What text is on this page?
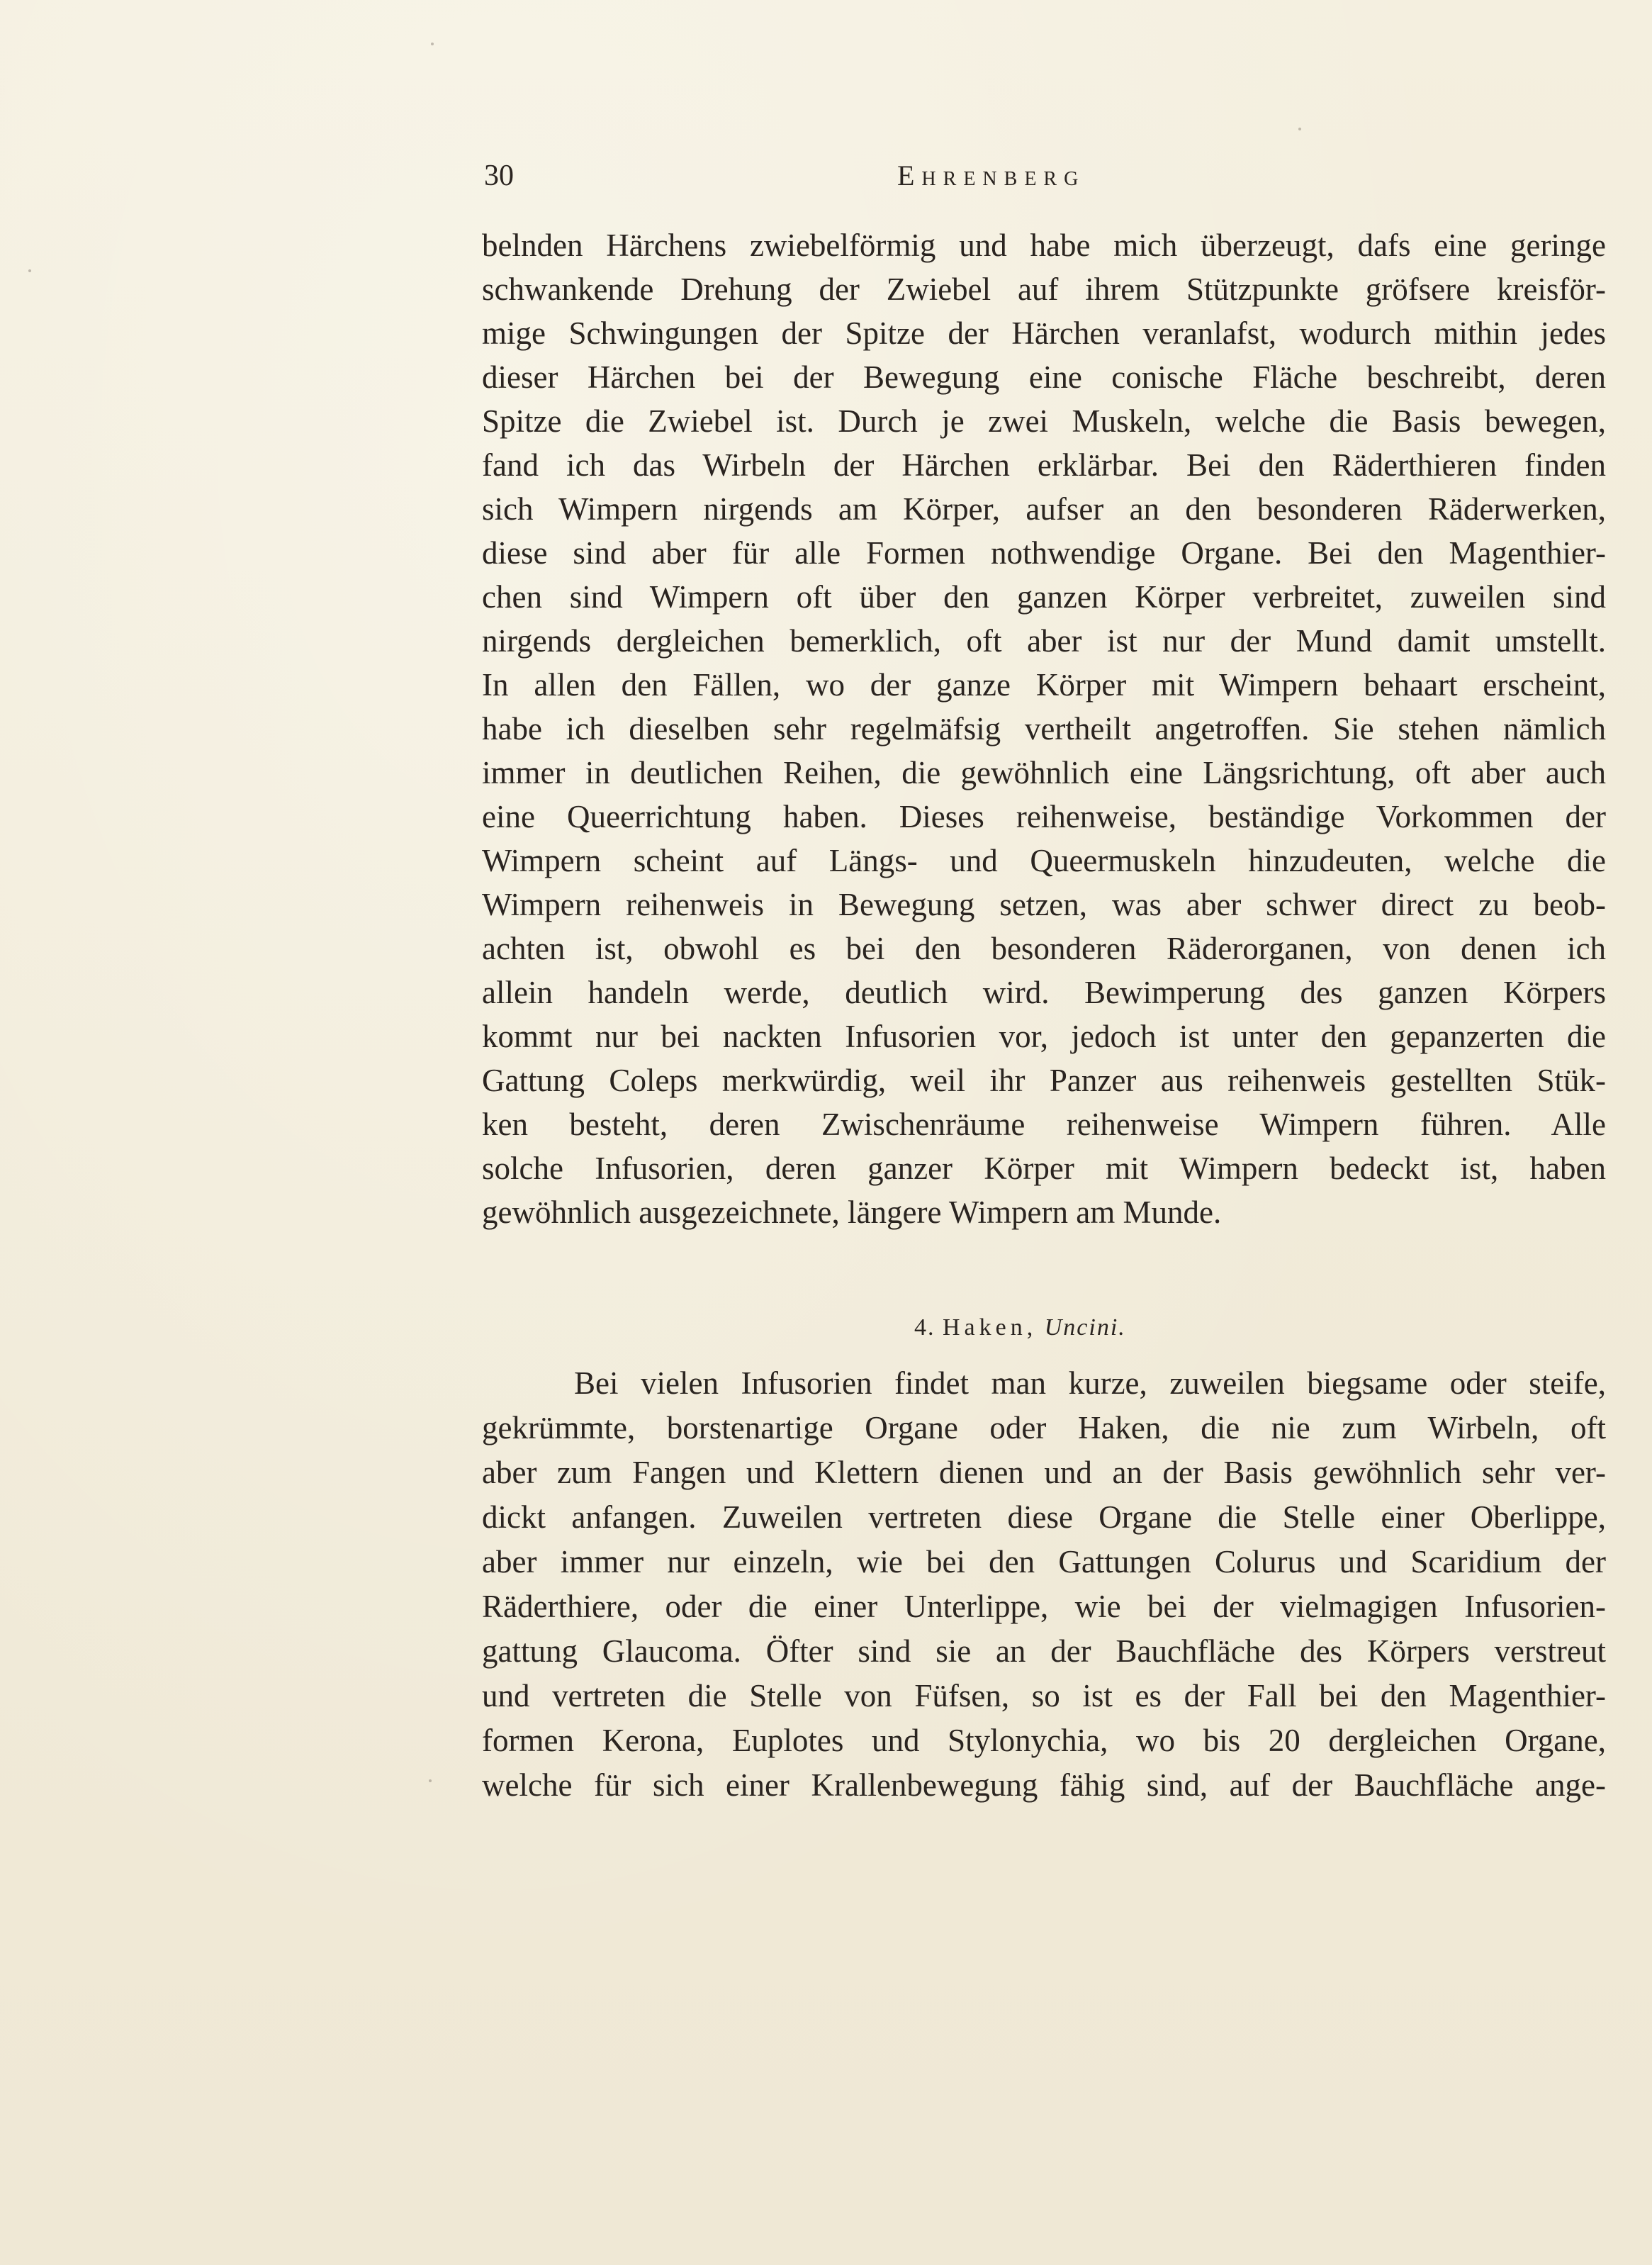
30	Ehrenberg
belnden Härchens zwiebelförmig und habe mich überzeugt, dafs eine geringe
schwankende Drehung der Zwiebel auf ihrem Stützpunkte gröfsere kreisför-
mige Schwingungen der Spitze der Härchen veranlafst, wodurch mithin jedes
dieser Härchen bei der Bewegung eine conische Fläche beschreibt, deren
Spitze die Zwiebel ist. Durch je zwei Muskeln, welche die Basis bewegen,
fand ich das Wirbeln der Härchen erklärbar. Bei den Räderthieren finden
sich Wimpern nirgends am Körper, aufser an den besonderen Räderwerken,
diese sind aber für alle Formen nothwendige Organe. Bei den Magenthier-
chen sind Wimpern oft über den ganzen Körper verbreitet, zuweilen sind
nirgends dergleichen bemerklich, oft aber ist nur der Mund damit umstellt.
In allen den Fällen, wo der ganze Körper mit Wimpern behaart erscheint,
habe ich dieselben sehr regelmäfsig vertheilt angetroffen. Sie stehen nämlich
immer in deutlichen Reihen, die gewöhnlich eine Längsrichtung, oft aber auch
eine Queerrichtung haben. Dieses reihenweise, beständige Vorkommen der
Wimpern scheint auf Längs- und Queermuskeln hinzudeuten, welche die
Wimpern reihenweis in Bewegung setzen, was aber schwer direct zu beob-
achten ist, obwohl es bei den besonderen Räderorganen, von denen ich
allein handeln werde, deutlich wird. Bewimperung des ganzen Körpers
kommt nur bei nackten Infusorien vor, jedoch ist unter den gepanzerten die
Gattung Coleps merkwürdig, weil ihr Panzer aus reihenweis gestellten Stük-
ken besteht, deren Zwischenräume reihenweise Wimpern führen. Alle
solche Infusorien, deren ganzer Körper mit Wimpern bedeckt ist, haben
gewöhnlich ausgezeichnete, längere Wimpern am Munde.
4. Haken, Uncini.
Bei vielen Infusorien findet man kurze, zuweilen biegsame oder steife,
gekrümmte, borstenartige Organe oder Haken, die nie zum Wirbeln, oft
aber zum Fangen und Klettern dienen und an der Basis gewöhnlich sehr ver-
dickt anfangen. Zuweilen vertreten diese Organe die Stelle einer Oberlippe,
aber immer nur einzeln, wie bei den Gattungen Colurus und Scaridium der
Räderthiere, oder die einer Unterlippe, wie bei der vielmagigen Infusorien-
gattung Glaucoma. Öfter sind sie an der Bauchfläche des Körpers verstreut
und vertreten die Stelle von Füfsen, so ist es der Fall bei den Magenthier-
formen Kerona, Euplotes und Stylonychia, wo bis 20 dergleichen Organe,
welche für sich einer Krallenbewegung fähig sind, auf der Bauchfläche ange-
